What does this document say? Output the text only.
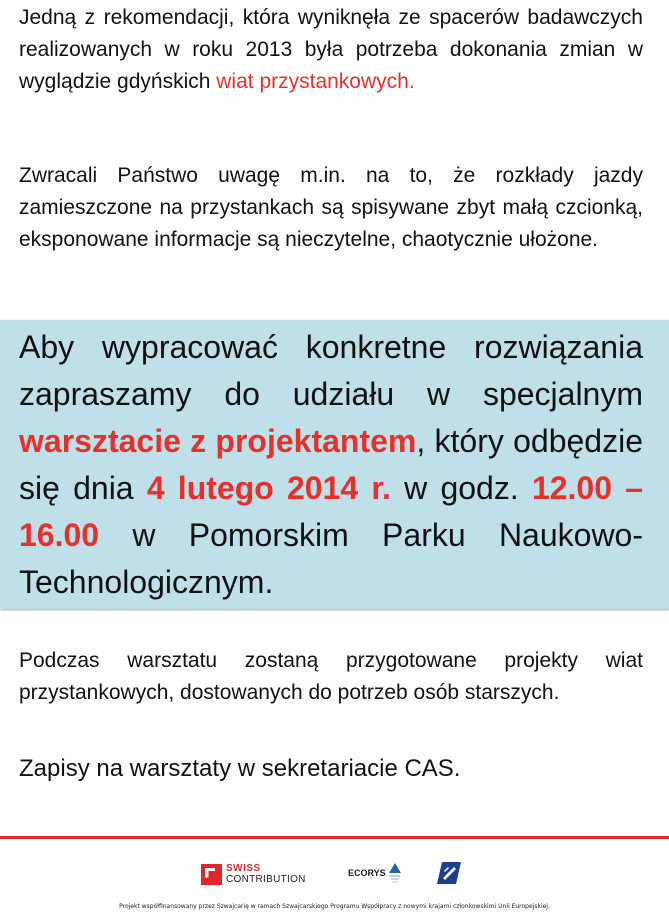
Jedną z rekomendacji, która wyniknęła ze spacerów badawczych realizowanych w roku 2013 była potrzeba dokonania zmian w wyglądzie gdyńskich wiat przystankowych.

Zwracali Państwo uwagę m.in. na to, że rozkłady jazdy zamieszczone na przystankach są spisywane zbyt małą czcionką, eksponowane informacje są nieczytelne, chaotycznie ułożone.

Aby wypracować konkretne rozwiązania zapraszamy do udziału w specjalnym warsztacie z projektantem, który odbędzie się dnia 4 lutego 2014 r. w godz. 12.00 – 16.00 w Pomorskim Parku Naukowo-Technologicznym.

Podczas warsztatu zostaną przygotowane projekty wiat przystankowych, dostowanych do potrzeb osób starszych.

Zapisy na warsztaty w sekretariacie CAS.

SWISS
CONTRIBUTION
ECORYS
Projekt współfinansowany przez Szwajcarię w ramach Szwajcarskiego Programu Współpracy z nowymi krajami członkowskimi Unii Europejskiej.
